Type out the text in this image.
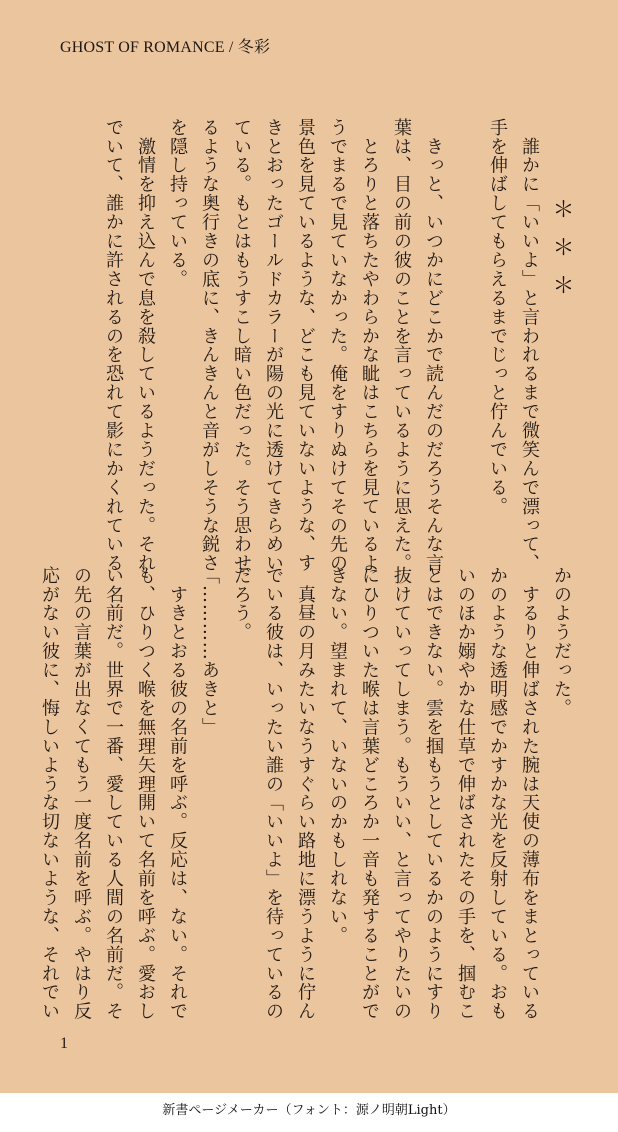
GHOST OF ROMANCE / 冬彩
　　＊＊＊
　誰かに「いいよ」と言われるまで微笑んで漂って、
手を伸ばしてもらえるまでじっと佇んでいる。

　きっと、いつかにどこかで読んだのだろうそんな言
葉は、目の前の彼のことを言っているように思えた。
　とろりと落ちたやわらかな眦はこちらを見ているよ
うでまるで見ていなかった。俺をすりぬけてその先の
景色を見ているような、どこも見ていないような、す
きとおったゴールドカラーが陽の光に透けてきらめい
ている。もとはもうすこし暗い色だった。そう思わせ
るような奥行きの底に、きんきんと音がしそうな鋭さ
を隠し持っている。
　激情を抑え込んで息を殺しているようだった。それ
でいて、誰かに許されるのを恐れて影にかくれている
かのようだった。
　するりと伸ばされた腕は天使の薄布をまとっている
かのような透明感でかすかな光を反射している。おも
いのほか嫋やかな仕草で伸ばされたその手を、掴むこ
とはできない。雲を掴もうとしているかのようにすり
抜けていってしまう。もういい、と言ってやりたいの
にひりついた喉は言葉どころか一音も発することがで
きない。望まれて、いないのかもしれない。
　真昼の月みたいなうすぐらい路地に漂うように佇ん
でいる彼は、いったい誰の「いいよ」を待っているの
だろう。
「…………あきと」
　すきとおる彼の名前を呼ぶ。反応は、ない。それで
も、ひりつく喉を無理矢理開いて名前を呼ぶ。愛おし
い名前だ。世界で一番、愛している人間の名前だ。そ
の先の言葉が出なくてもう一度名前を呼ぶ。やはり反
応がない彼に、悔しいような切ないような、それでい
1
新書ページメーカー（フォント：源ノ明朝Light）
